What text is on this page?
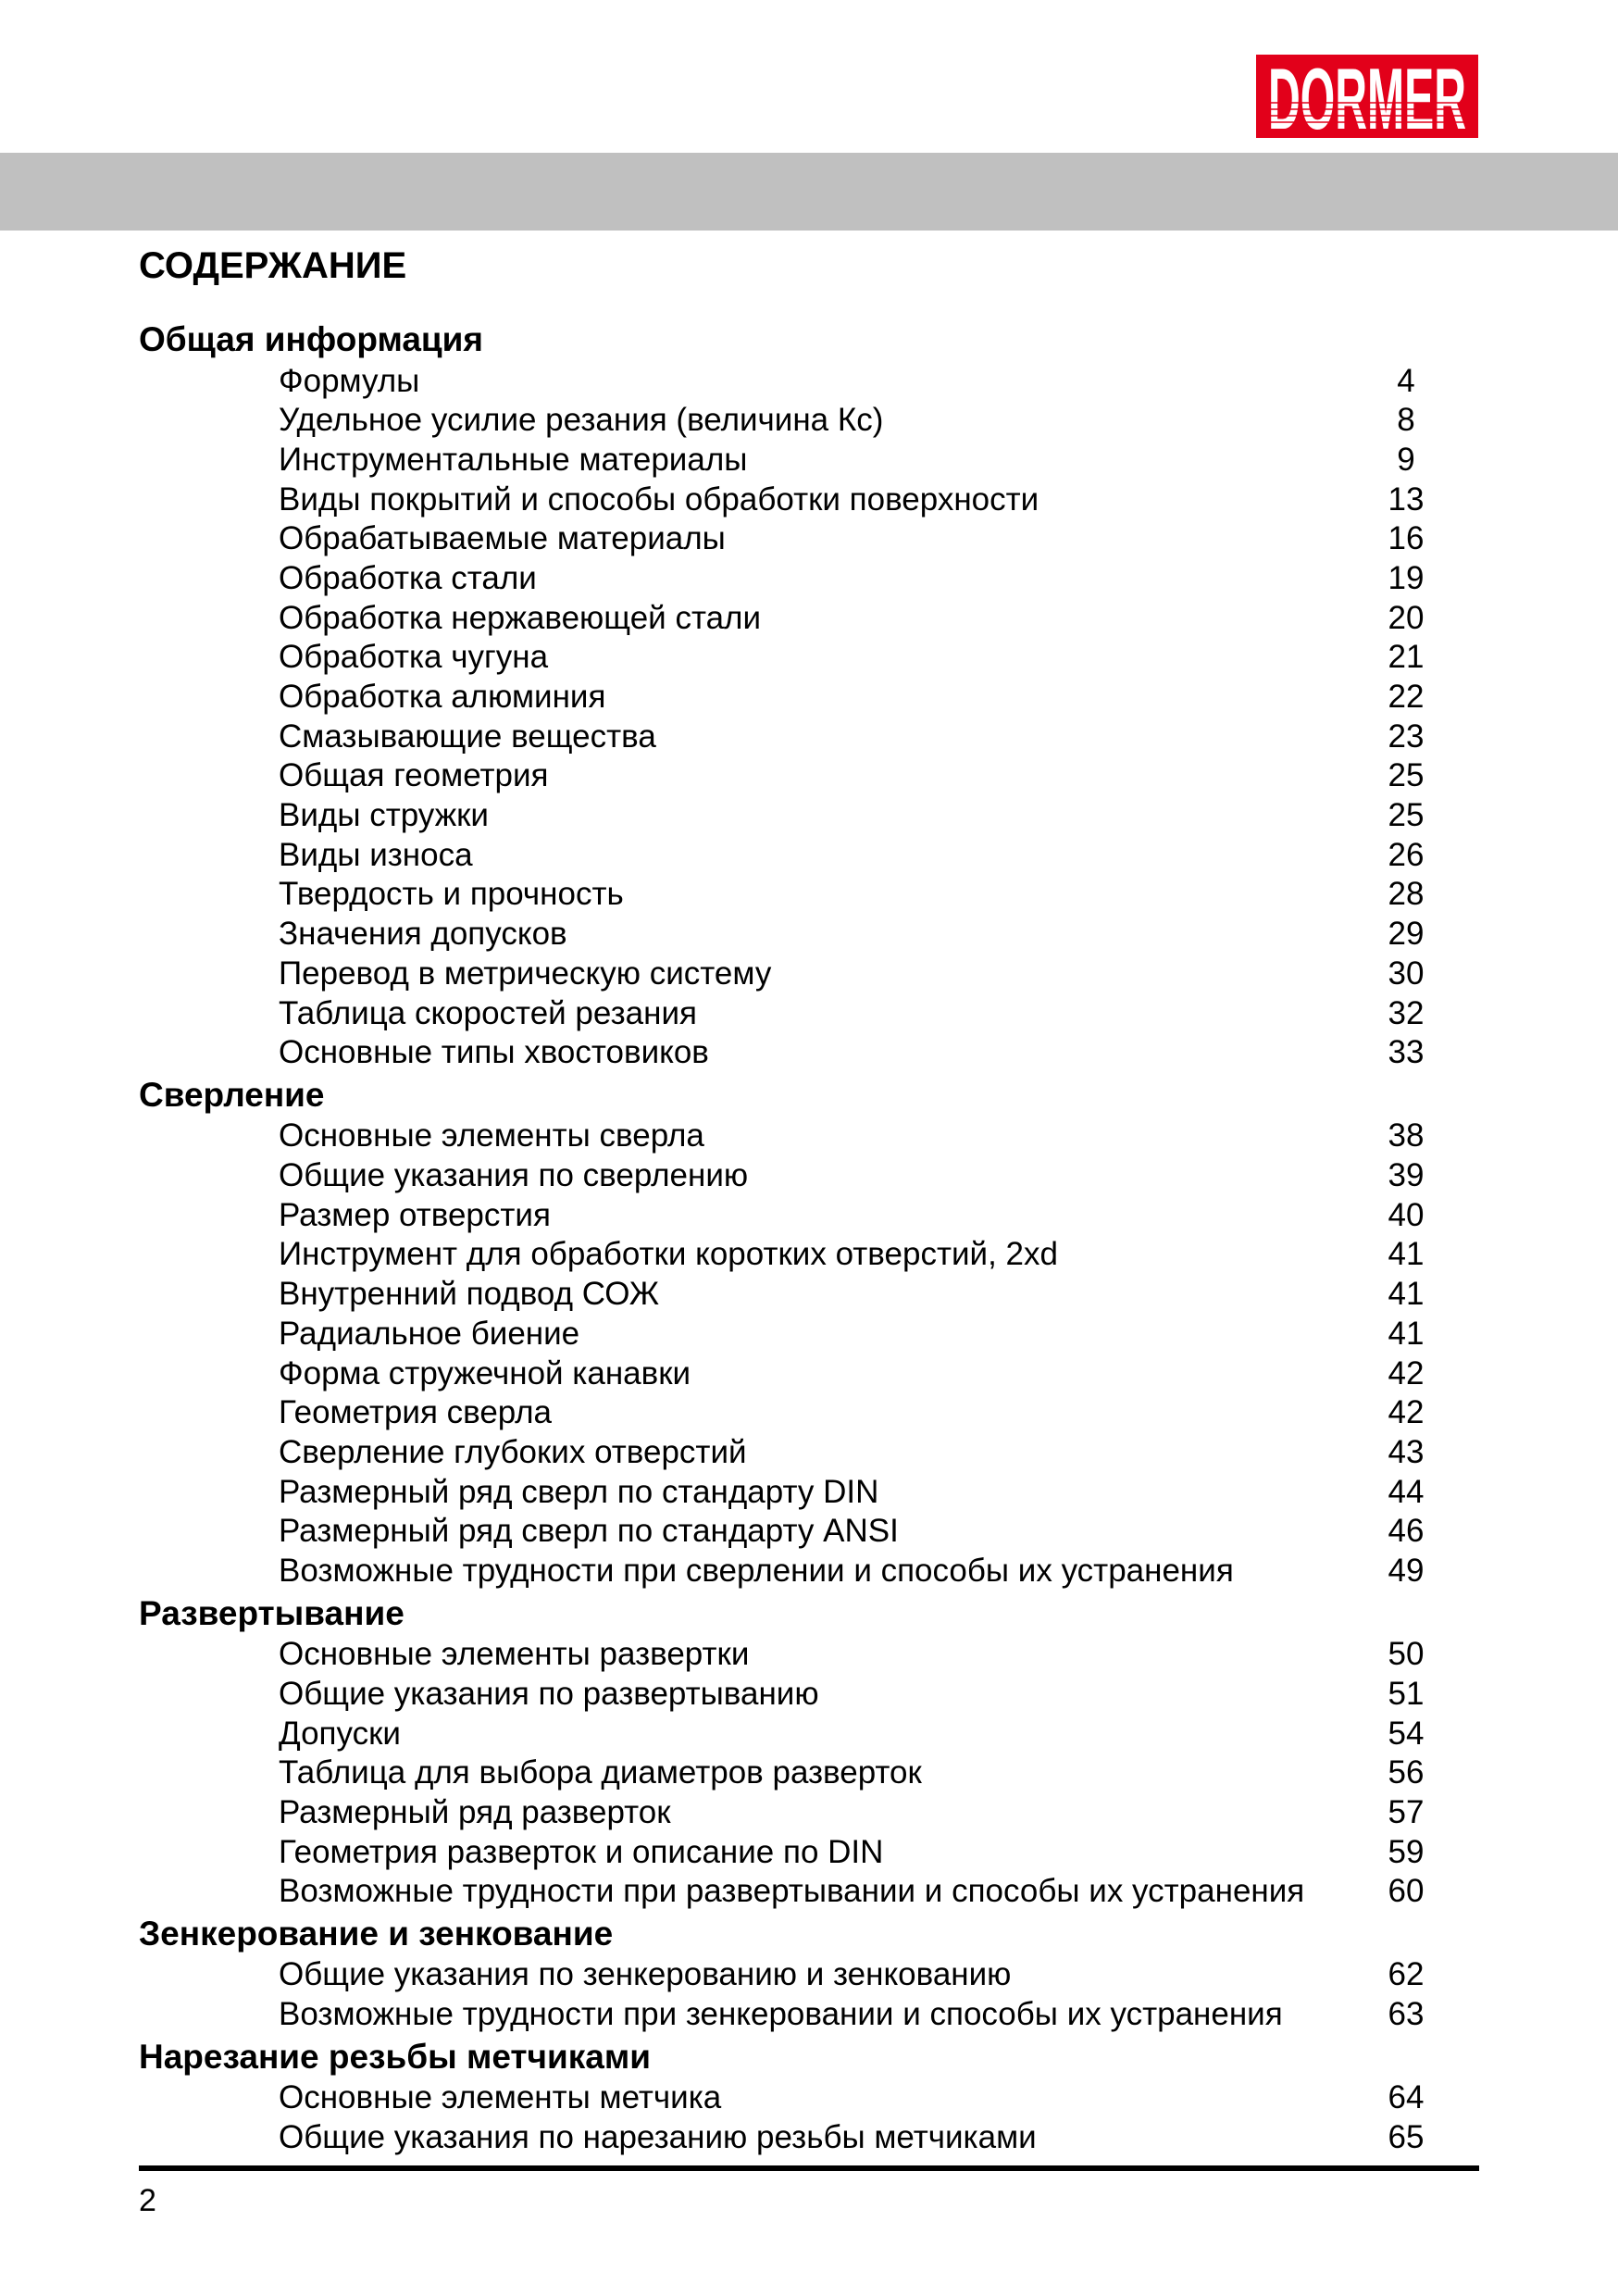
DORMER
СОДЕРЖАНИЕ
Общая информация
Формулы	4
Удельное усилие резания (величина Кс)	8
Инструментальные материалы	9
Виды покрытий и способы обработки поверхности	13
Обрабатываемые материалы	16
Обработка стали	19
Обработка нержавеющей стали	20
Обработка чугуна	21
Обработка алюминия	22
Смазывающие вещества	23
Общая геометрия	25
Виды стружки	25
Виды износа	26
Твердость и прочность	28
Значения допусков	29
Перевод в метрическую систему	30
Таблица скоростей резания	32
Основные типы хвостовиков	33
Сверление
Основные элементы сверла	38
Общие указания по сверлению	39
Размер отверстия	40
Инструмент для обработки коротких отверстий, 2xd	41
Внутренний подвод СОЖ	41
Радиальное биение	41
Форма стружечной канавки	42
Геометрия сверла	42
Сверление глубоких отверстий	43
Размерный ряд сверл по стандарту DIN	44
Размерный ряд сверл по стандарту ANSI	46
Возможные трудности при сверлении и способы их устранения	49
Развертывание
Основные элементы развертки	50
Общие указания по развертыванию	51
Допуски	54
Таблица для выбора диаметров разверток	56
Размерный ряд разверток	57
Геометрия разверток и описание по DIN	59
Возможные трудности при развертывании и способы их устранения	60
Зенкерование и зенкование
Общие указания по зенкерованию и зенкованию	62
Возможные трудности при зенкеровании и способы их устранения	63
Нарезание резьбы метчиками
Основные элементы метчика	64
Общие указания по нарезанию резьбы метчиками	65
2
